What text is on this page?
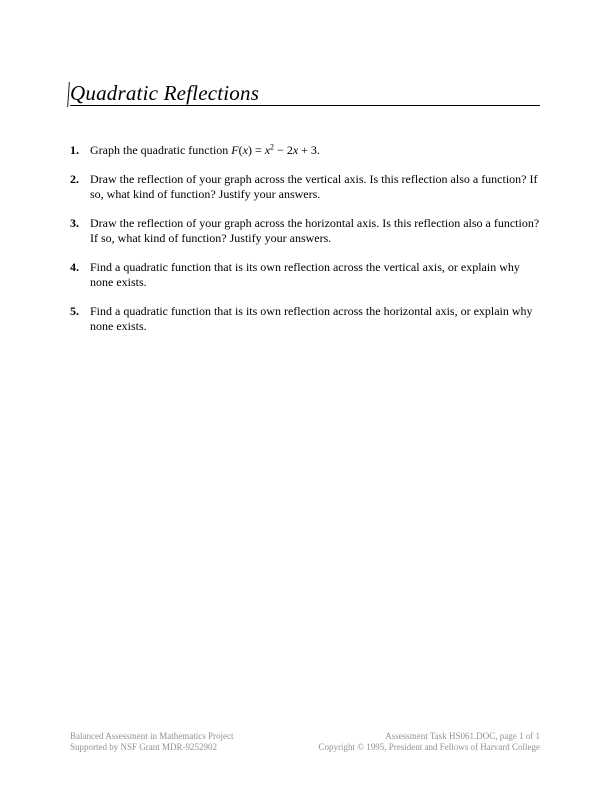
Quadratic Reflections
1. Graph the quadratic function $F(x) = x^2 - 2x + 3$.
2. Draw the reflection of your graph across the vertical axis. Is this reflection also a function? If so, what kind of function? Justify your answers.
3. Draw the reflection of your graph across the horizontal axis. Is this reflection also a function? If so, what kind of function? Justify your answers.
4. Find a quadratic function that is its own reflection across the vertical axis, or explain why none exists.
5. Find a quadratic function that is its own reflection across the horizontal axis, or explain why none exists.
Balanced Assessment in Mathematics Project
Supported by NSF Grant MDR-9252902
Assessment Task HS061.DOC, page 1 of 1
Copyright © 1995, President and Fellows of Harvard College
